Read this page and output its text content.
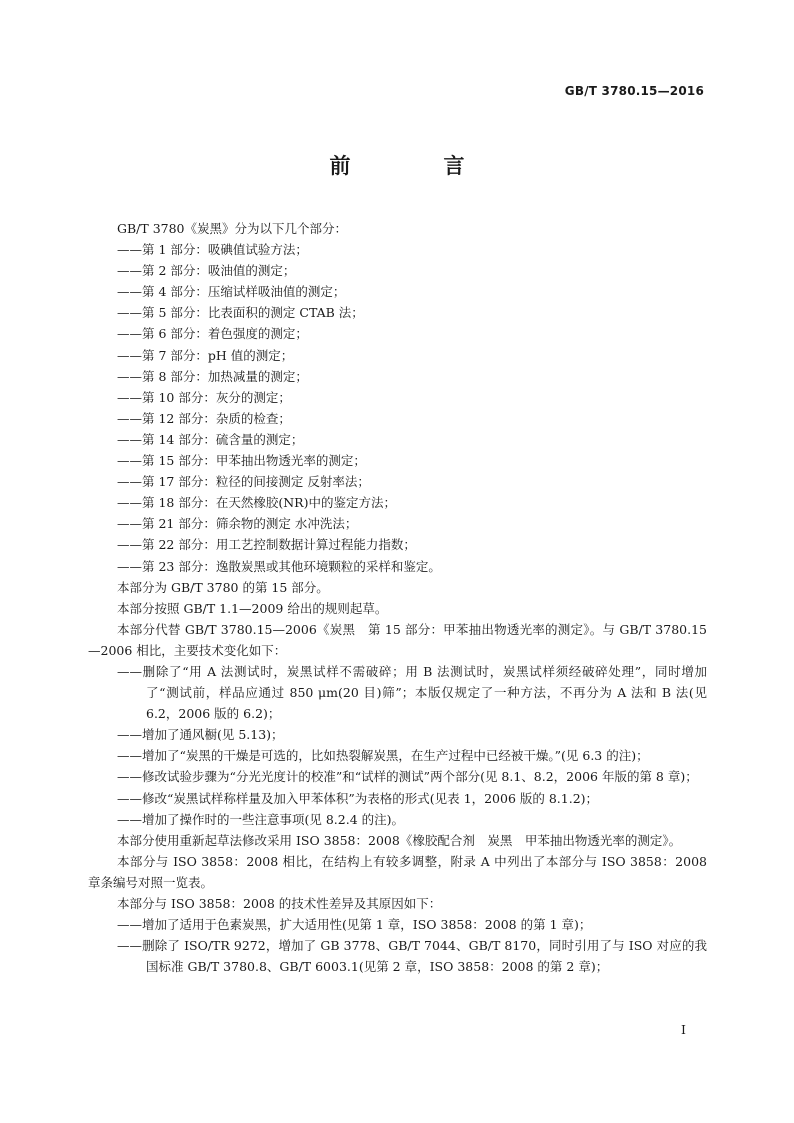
GB/T 3780.15—2016
前　言

GB/T 3780《炭黑》分为以下几个部分：

——第 1 部分：吸碘值试验方法；
——第 2 部分：吸油值的测定；
——第 4 部分：压缩试样吸油值的测定；
——第 5 部分：比表面积的测定 CTAB 法；
——第 6 部分：着色强度的测定；
——第 7 部分：pH 值的测定；
——第 8 部分：加热减量的测定；
——第 10 部分：灰分的测定；
——第 12 部分：杂质的检查；
——第 14 部分：硫含量的测定；
——第 15 部分：甲苯抽出物透光率的测定；
——第 17 部分：粒径的间接测定 反射率法；
——第 18 部分：在天然橡胶(NR)中的鉴定方法；
——第 21 部分：筛余物的测定 水冲洗法；
——第 22 部分：用工艺控制数据计算过程能力指数；
——第 23 部分：逸散炭黑或其他环境颗粒的采样和鉴定。

本部分为 GB/T 3780 的第 15 部分。

本部分按照 GB/T 1.1—2009 给出的规则起草。

本部分代替 GB/T 3780.15—2006《炭黑　第 15 部分：甲苯抽出物透光率的测定》。与 GB/T 3780.15—2006 相比，主要技术变化如下：

——删除了“用 A 法测试时，炭黑试样不需破碎；用 B 法测试时，炭黑试样须经破碎处理”，同时增加了“测试前，样品应通过 850 μm(20 目)筛”；本版仅规定了一种方法，不再分为 A 法和 B 法(见 6.2，2006 版的 6.2)；
——增加了通风橱(见 5.13)；
——增加了“炭黑的干燥是可选的，比如热裂解炭黑，在生产过程中已经被干燥。”(见 6.3 的注)；
——修改试验步骤为“分光光度计的校准”和“试样的测试”两个部分(见 8.1、8.2，2006 年版的第 8 章)；
——修改“炭黑试样称样量及加入甲苯体积”为表格的形式(见表 1，2006 版的 8.1.2)；
——增加了操作时的一些注意事项(见 8.2.4 的注)。

本部分使用重新起草法修改采用 ISO 3858：2008《橡胶配合剂　炭黑　甲苯抽出物透光率的测定》。

本部分与 ISO 3858：2008 相比，在结构上有较多调整，附录 A 中列出了本部分与 ISO 3858：2008 章条编号对照一览表。

本部分与 ISO 3858：2008 的技术性差异及其原因如下：

——增加了适用于色素炭黑，扩大适用性(见第 1 章，ISO 3858：2008 的第 1 章)；
——删除了 ISO/TR 9272，增加了 GB 3778、GB/T 7044、GB/T 8170，同时引用了与 ISO 对应的我国标准 GB/T 3780.8、GB/T 6003.1(见第 2 章，ISO 3858：2008 的第 2 章)；
I
